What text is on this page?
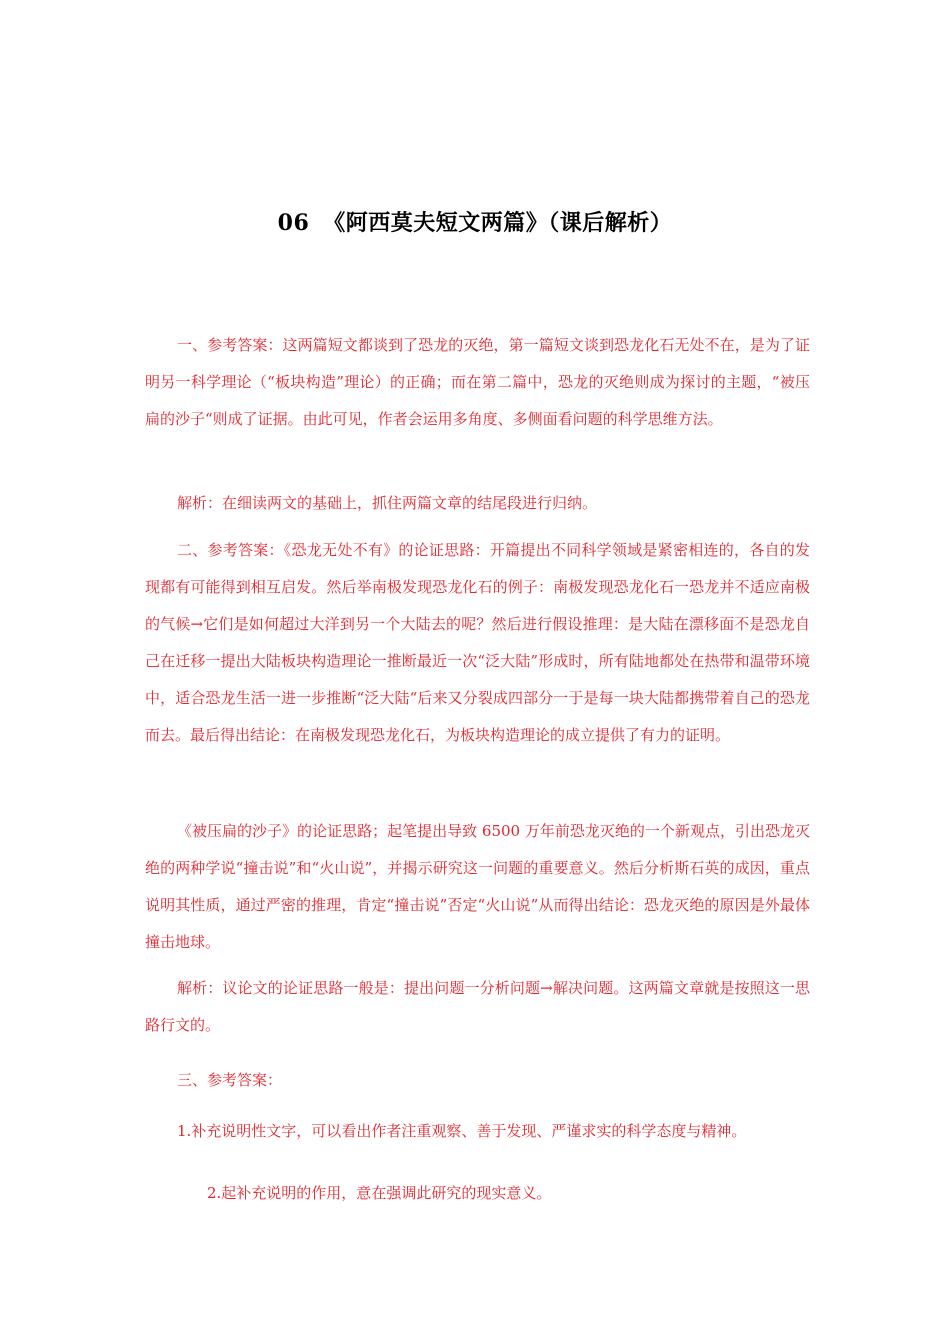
06 《阿西莫夫短文两篇》（课后解析）

一、参考答案：这两篇短文都谈到了恐龙的灭绝，第一篇短文谈到恐龙化石无处不在，是为了证明另一科学理论（“板块构造”理论）的正确；而在第二篇中，恐龙的灭绝则成为探讨的主题，“被压扁的沙子“则成了证据。由此可见，作者会运用多角度、多侧面看问题的科学思维方法。

解析：在细读两文的基础上，抓住两篇文章的结尾段进行归纳。

二、参考答案：《恐龙无处不有》的论证思路：开篇提出不同科学领域是紧密相连的，各自的发现都有可能得到相互启发。然后举南极发现恐龙化石的例子：南极发现恐龙化石一恐龙并不适应南极的气候→它们是如何超过大洋到另一个大陆去的呢？然后进行假设推理：是大陆在漂移面不是恐龙自己在迁移一提出大陆板块构造理论一推断最近一次“泛大陆”形成时，所有陆地都处在热带和温带环境中，适合恐龙生活一进一步推断“泛大陆“后来又分裂成四部分一于是每一块大陆都携带着自己的恐龙而去。最后得出结论：在南极发现恐龙化石，为板块构造理论的成立提供了有力的证明。

《被压扁的沙子》的论证思路；起笔提出导致 6500 万年前恐龙灭绝的一个新观点，引出恐龙灭绝的两种学说“撞击说”和“火山说”，并揭示研究这一问题的重要意义。然后分析斯石英的成因，重点说明其性质，通过严密的推理，肯定“撞击说”否定“火山说”从而得出结论：恐龙灭绝的原因是外最体撞击地球。

解析：议论文的论证思路一般是：提出问题一分析问题→解决问题。这两篇文章就是按照这一思路行文的。

三、参考答案：

1.补充说明性文字，可以看出作者注重观察、善于发现、严谨求实的科学态度与精神。

2.起补充说明的作用，意在强调此研究的现实意义。
